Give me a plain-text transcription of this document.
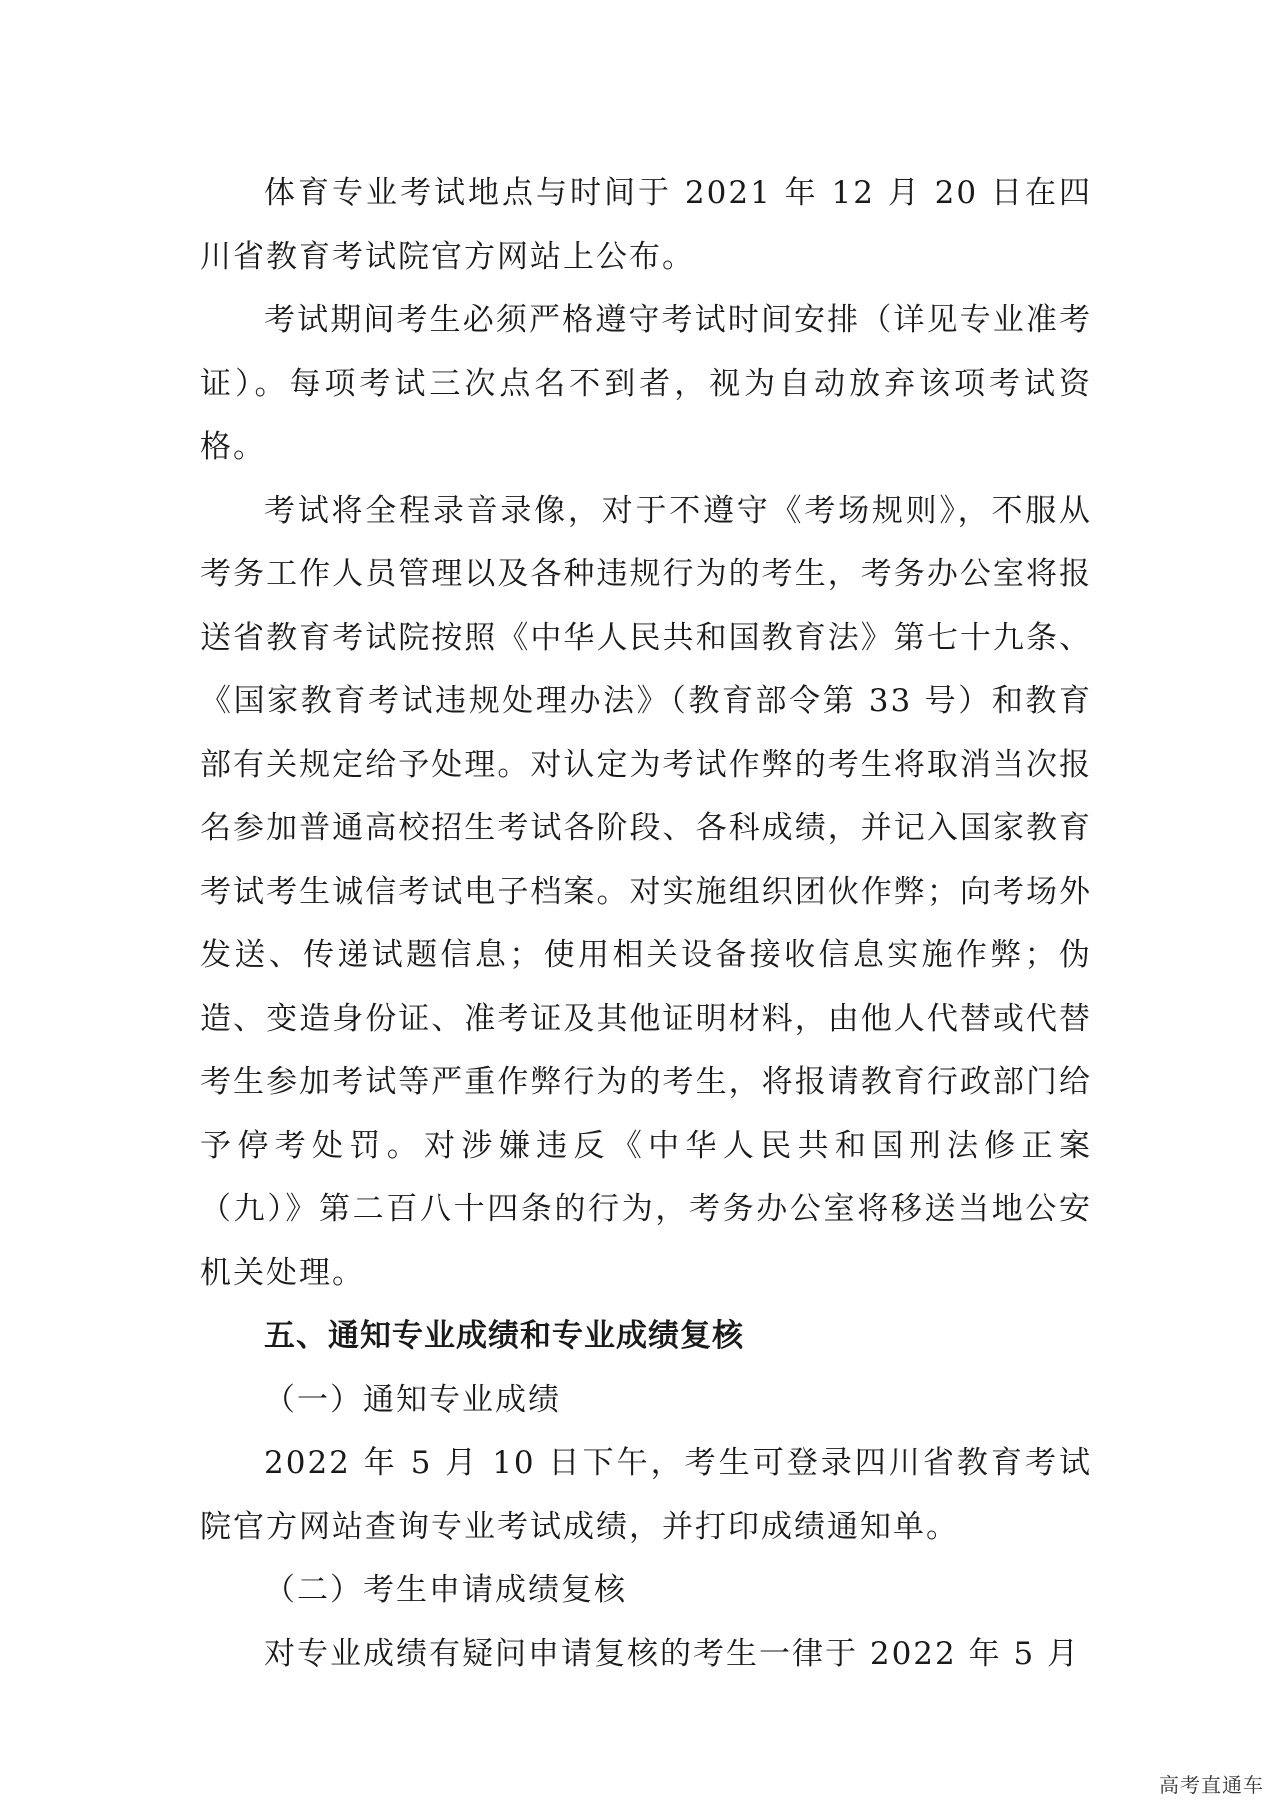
体育专业考试地点与时间于 2021 年 12 月 20 日在四川省教育考试院官方网站上公布。

考试期间考生必须严格遵守考试时间安排（详见专业准考证）。每项考试三次点名不到者，视为自动放弃该项考试资格。

考试将全程录音录像，对于不遵守《考场规则》，不服从考务工作人员管理以及各种违规行为的考生，考务办公室将报送省教育考试院按照《中华人民共和国教育法》第七十九条、《国家教育考试违规处理办法》（教育部令第 33 号）和教育部有关规定给予处理。对认定为考试作弊的考生将取消当次报名参加普通高校招生考试各阶段、各科成绩，并记入国家教育考试考生诚信考试电子档案。对实施组织团伙作弊；向考场外发送、传递试题信息；使用相关设备接收信息实施作弊；伪造、变造身份证、准考证及其他证明材料，由他人代替或代替考生参加考试等严重作弊行为的考生，将报请教育行政部门给予停考处罚。对涉嫌违反《中华人民共和国刑法修正案（九）》第二百八十四条的行为，考务办公室将移送当地公安机关处理。

五、通知专业成绩和专业成绩复核

（一）通知专业成绩

2022 年 5 月 10 日下午，考生可登录四川省教育考试院官方网站查询专业考试成绩，并打印成绩通知单。

（二）考生申请成绩复核

对专业成绩有疑问申请复核的考生一律于 2022 年 5 月

高考直通车
